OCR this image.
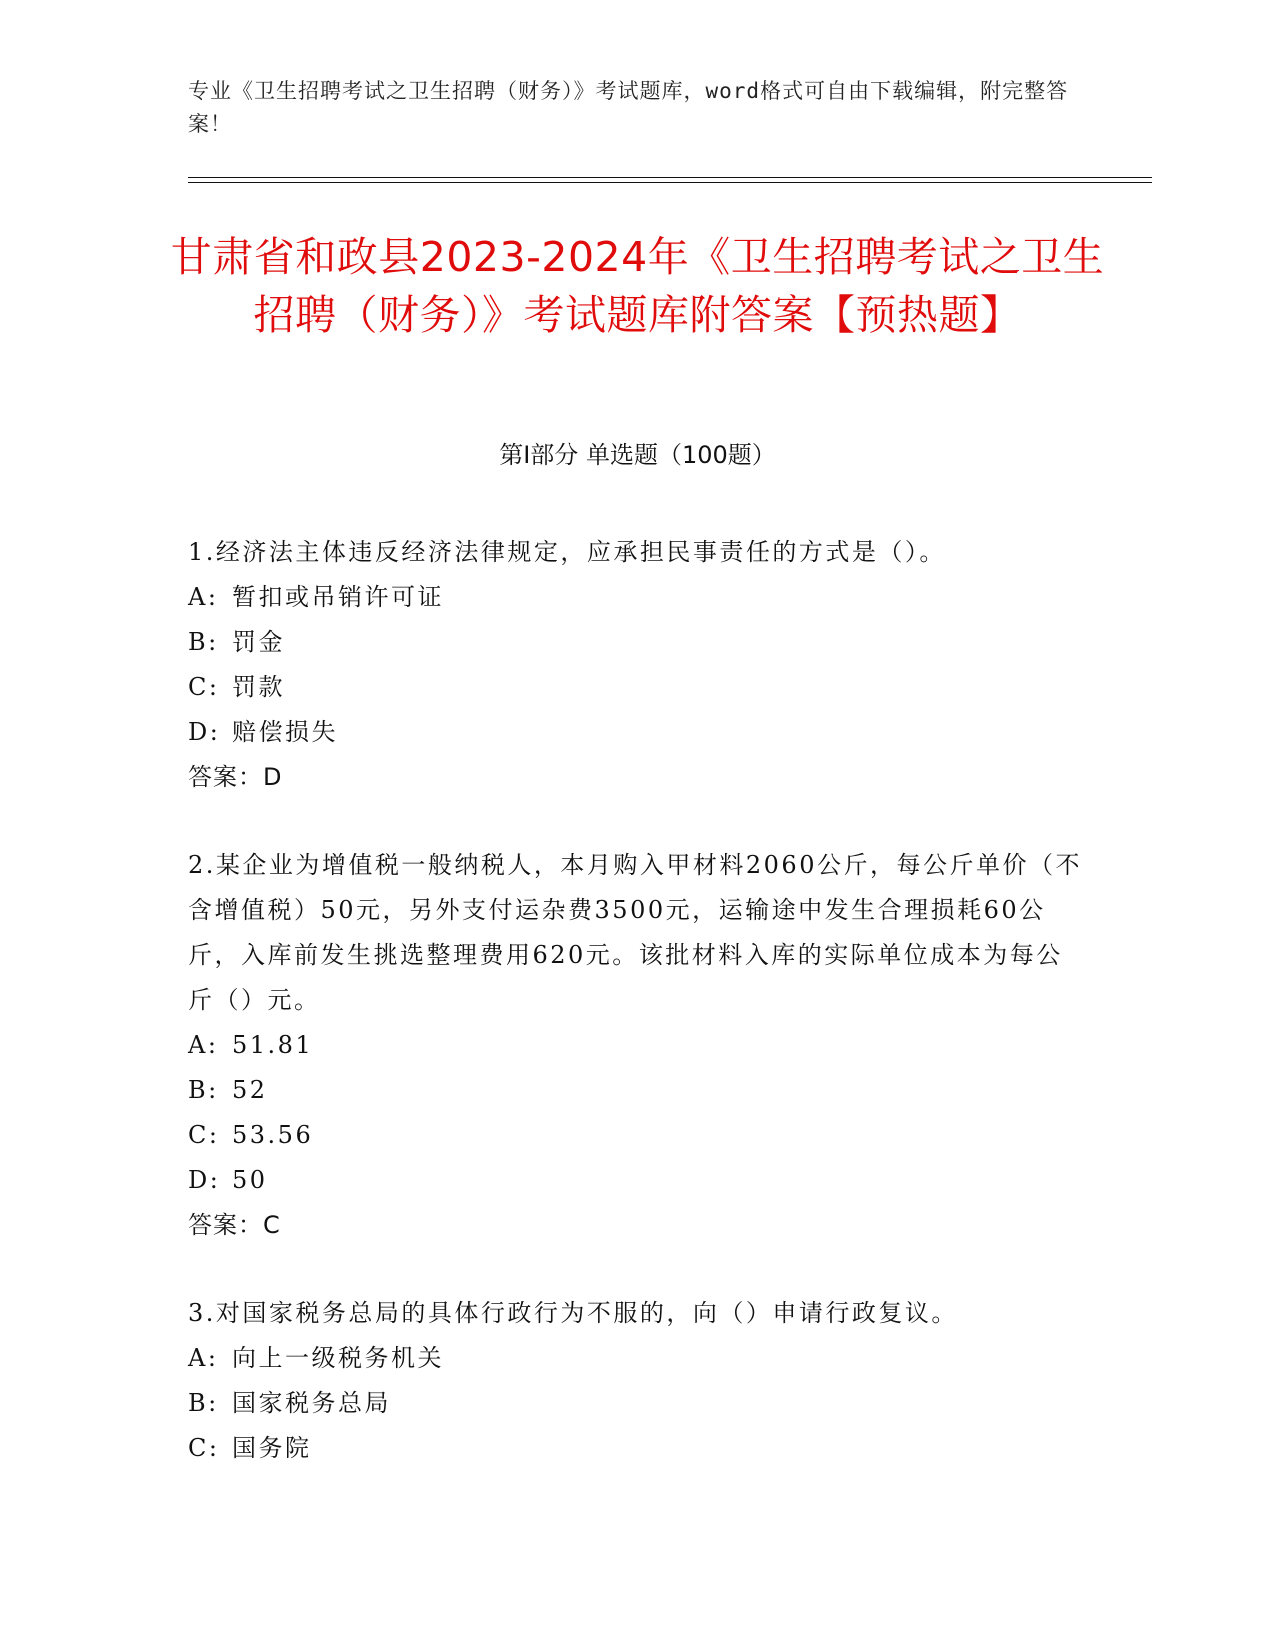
专业《卫生招聘考试之卫生招聘（财务）》考试题库，word格式可自由下载编辑，附完整答案！
甘肃省和政县2023-2024年《卫生招聘考试之卫生招聘（财务）》考试题库附答案【预热题】
第Ⅰ部分 单选题（100题）

1.经济法主体违反经济法律规定，应承担民事责任的方式是（）。

A: 暂扣或吊销许可证

B: 罚金

C: 罚款

D: 赔偿损失

答案：D

2.某企业为增值税一般纳税人，本月购入甲材料2060公斤，每公斤单价（不含增值税）50元，另外支付运杂费3500元，运输途中发生合理损耗60公斤，入库前发生挑选整理费用620元。该批材料入库的实际单位成本为每公斤（）元。

A: 51.81

B: 52

C: 53.56

D: 50

答案：C

3.对国家税务总局的具体行政行为不服的，向（）申请行政复议。

A: 向上一级税务机关

B: 国家税务总局

C: 国务院
